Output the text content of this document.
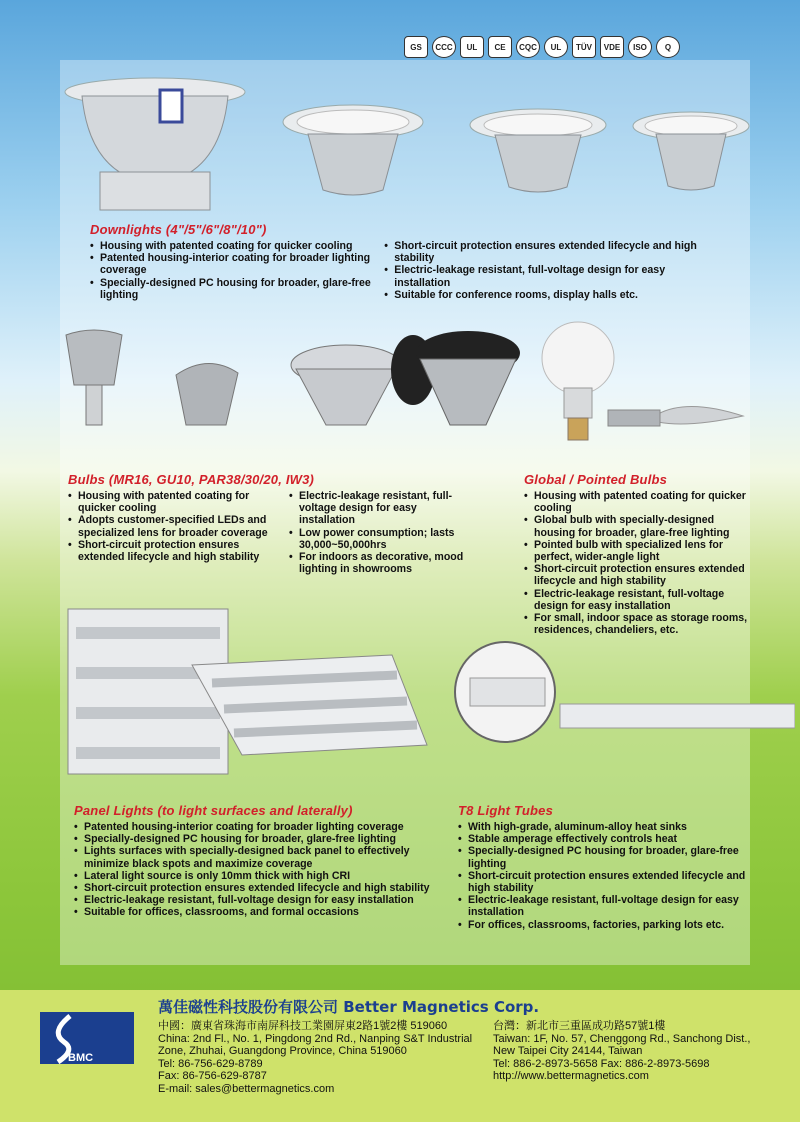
GS	CCC	UL	CE	CQC	UL	TÜV	VDE	ISO	Q
Downlights (4"/5"/6"/8"/10")
• Housing with patented coating for quicker cooling
• Patented housing-interior coating for broader lighting coverage
• Specially-designed PC housing for broader, glare-free lighting
• Short-circuit protection ensures extended lifecycle and high stability
• Electric-leakage resistant, full-voltage design for easy installation
• Suitable for conference rooms, display halls etc.
Bulbs (MR16, GU10, PAR38/30/20, IW3)
• Housing with patented coating for quicker cooling
• Adopts customer-specified LEDs and specialized lens for broader coverage
• Short-circuit protection ensures extended lifecycle and high stability
• Electric-leakage resistant, full-voltage design for easy installation
• Low power consumption; lasts 30,000~50,000hrs
• For indoors as decorative, mood lighting in showrooms
Global / Pointed Bulbs
• Housing with patented coating for quicker cooling
• Global bulb with specially-designed housing for broader, glare-free lighting
• Pointed bulb with specialized lens for perfect, wider-angle light
• Short-circuit protection ensures extended lifecycle and high stability
• Electric-leakage resistant, full-voltage design for easy installation
• For small, indoor space as storage rooms, residences, chandeliers, etc.
Panel Lights (to light surfaces and laterally)
• Patented housing-interior coating for broader lighting coverage
• Specially-designed PC housing for broader, glare-free lighting
• Lights surfaces with specially-designed back panel to effectively minimize black spots and maximize coverage
• Lateral light source is only 10mm thick with high CRI
• Short-circuit protection ensures extended lifecycle and high stability
• Electric-leakage resistant, full-voltage design for easy installation
• Suitable for offices, classrooms, and formal occasions
T8 Light Tubes
• With high-grade, aluminum-alloy heat sinks
• Stable amperage effectively controls heat
• Specially-designed PC housing for broader, glare-free lighting
• Short-circuit protection ensures extended lifecycle and high stability
• Electric-leakage resistant, full-voltage design for easy installation
• For offices, classrooms, factories, parking lots etc.
BMC
萬佳磁性科技股份有限公司 Better Magnetics Corp.
中國：廣東省珠海市南屏科技工業園屏東2路1號2樓 519060
China: 2nd Fl., No. 1, Pingdong 2nd Rd., Nanping S&T Industrial
Zone, Zhuhai, Guangdong Province, China 519060
Tel: 86-756-629-8789
Fax: 86-756-629-8787
E-mail: sales@bettermagnetics.com
台灣：新北市三重區成功路57號1樓
Taiwan: 1F, No. 57, Chenggong Rd., Sanchong Dist.,
New Taipei City 24144, Taiwan
Tel: 886-2-8973-5658 Fax: 886-2-8973-5698
http://www.bettermagnetics.com
